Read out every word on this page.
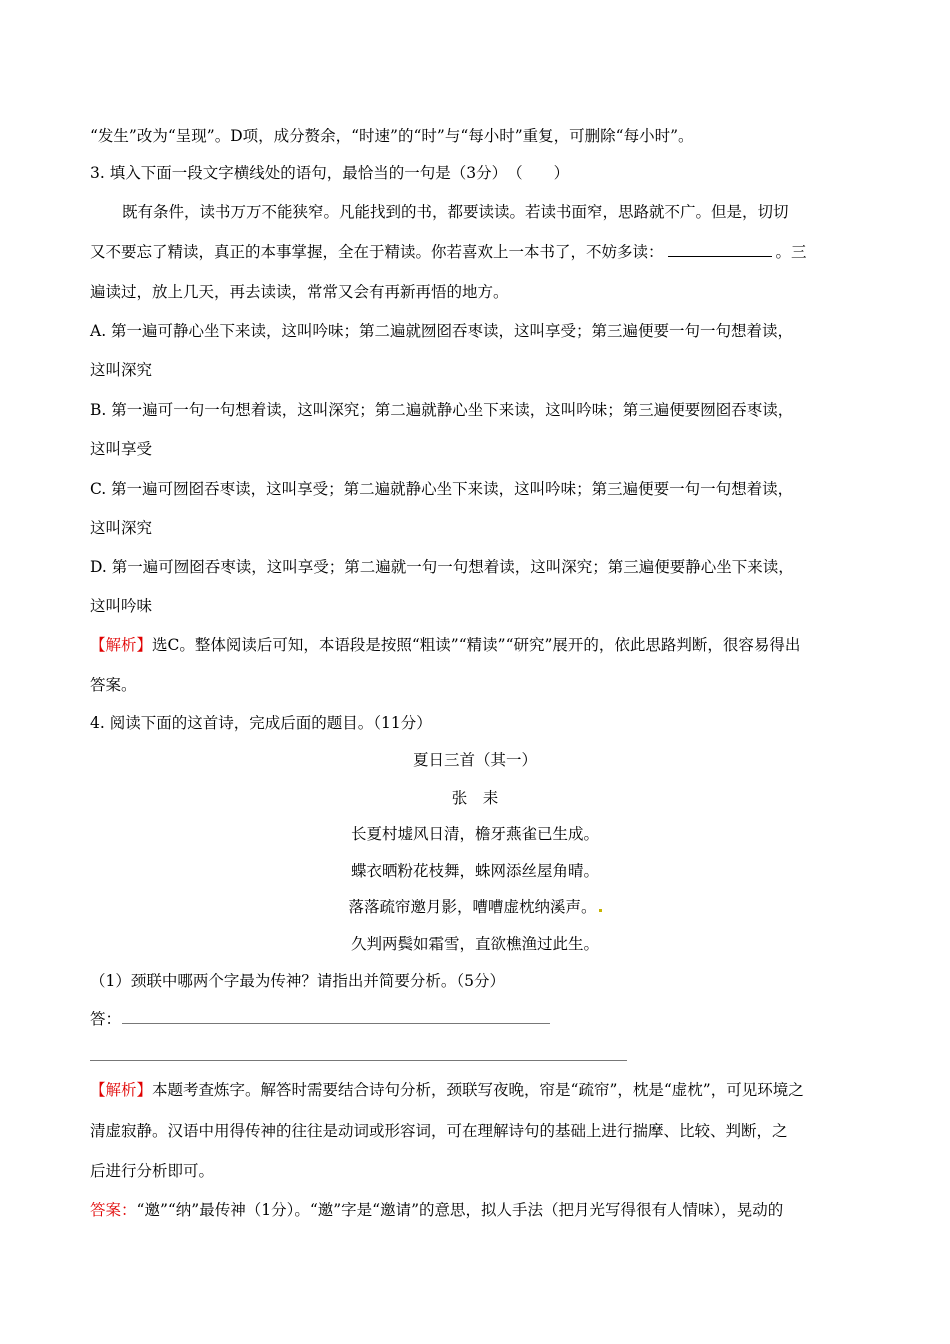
“发生”改为“呈现”。D项，成分赘余，“时速”的“时”与“每小时”重复，可删除“每小时”。
3. 填入下面一段文字横线处的语句，最恰当的一句是（3分）　（　　）
既有条件，读书万万不能狭窄。凡能找到的书，都要读读。若读书面窄，思路就不广。但是，切切
又不要忘了精读，真正的本事掌握，全在于精读。你若喜欢上一本书了，不妨多读：	。三
遍读过，放上几天，再去读读，常常又会有再新再悟的地方。
A. 第一遍可静心坐下来读，这叫吟味；第二遍就囫囵吞枣读，这叫享受；第三遍便要一句一句想着读，
这叫深究
B. 第一遍可一句一句想着读，这叫深究；第二遍就静心坐下来读，这叫吟味；第三遍便要囫囵吞枣读，
这叫享受
C. 第一遍可囫囵吞枣读，这叫享受；第二遍就静心坐下来读，这叫吟味；第三遍便要一句一句想着读，
这叫深究
D. 第一遍可囫囵吞枣读，这叫享受；第二遍就一句一句想着读，这叫深究；第三遍便要静心坐下来读，
这叫吟味
【解析】选C。整体阅读后可知，本语段是按照“粗读”“精读”“研究”展开的，依此思路判断，很容易得出
答案。
4. 阅读下面的这首诗，完成后面的题目。（11分）
夏日三首（其一）
张　耒
长夏村墟风日清，檐牙燕雀已生成。
蝶衣晒粉花枝舞，蛛网添丝屋角晴。
落落疏帘邀月影，嘈嘈虚枕纳溪声。
久判两鬓如霜雪，直欲樵渔过此生。
（1）颈联中哪两个字最为传神？请指出并简要分析。（5分）
答：
【解析】本题考查炼字。解答时需要结合诗句分析，颈联写夜晚，帘是“疏帘”，枕是“虚枕”，可见环境之
清虚寂静。汉语中用得传神的往往是动词或形容词，可在理解诗句的基础上进行揣摩、比较、判断，之
后进行分析即可。
答案：“邀”“纳”最传神（1分）。“邀”字是“邀请”的意思，拟人手法（把月光写得很有人情味），晃动的
